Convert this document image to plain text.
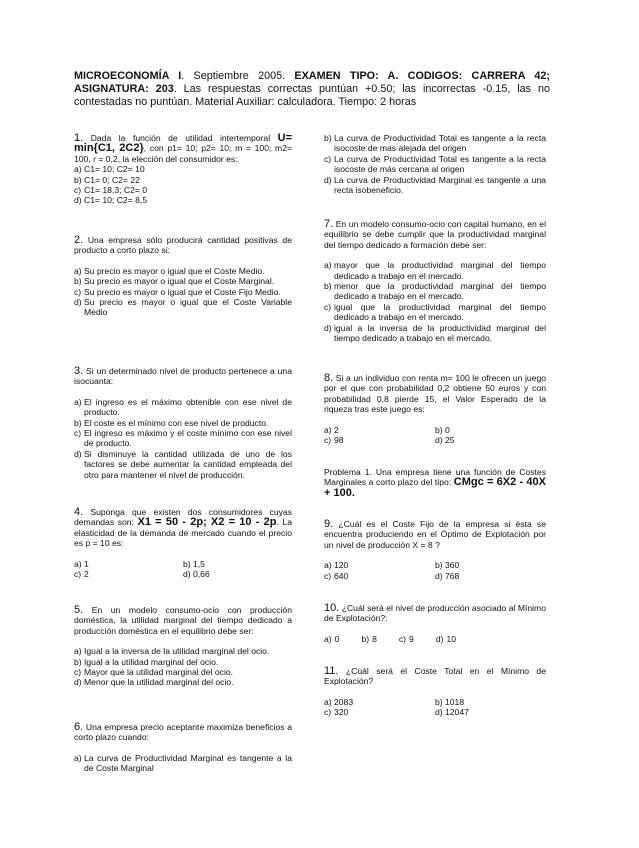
MICROECONOMÍA I. Septiembre 2005. EXAMEN TIPO: A. CODIGOS: CARRERA 42; ASIGNATURA: 203. Las respuestas correctas puntúan +0.50; las incorrectas -0.15, las no contestadas no puntúan. Material Auxiliar: calculadora. Tiempo: 2 horas
1. Dada la función de utilidad intertemporal U= min{C1, 2C2}, con p1= 10; p2= 10; m = 100; m2= 100, r = 0,2, la elección del consumidor es:
a) C1= 10; C2= 10
b) C1= 0; C2= 22
c) C1= 18,3; C2= 0
d) C1= 10; C2= 8,5
2. Una empresa sólo producirá cantidad positivas de producto a corto plazo si:
a) Su precio es mayor o igual que el Coste Medio.
b) Su precio es mayor o igual que el Coste Marginal.
c) Su precio es mayor o igual que el Coste Fijo Medio.
d) Su precio es mayor o igual que el Coste Variable Medio
3. Si un determinado nivel de producto pertenece a una isocuanta:
a) El ingreso es el máximo obtenible con ese nivel de producto.
b) El coste es el mínimo con ese nivel de producto.
c) El ingreso es máximo y el coste mínimo con ese nivel de producto.
d) Si disminuye la cantidad utilizada de uno de los factores se debe aumentar la cantidad empleada del otro para mantener el nivel de producción.
4. Suponga que existen dos consumidores cuyas demandas son: X1 = 50 - 2p; X2 = 10 - 2p. La elasticidad de la demanda de mercado cuando el precio es p = 10 es:
a) 1	b) 1,5
c) 2	d) 0,66
5. En un modelo consumo-ocio con producción doméstica, la utilidad marginal del tiempo dedicado a producción doméstica en el equilibrio debe ser:
a) Igual a la inversa de la utilidad marginal del ocio.
b) Igual a la utilidad marginal del ocio.
c) Mayor que la utilidad marginal del ocio.
d) Menor que la utilidad marginal del ocio.
6. Una empresa precio aceptante maximiza beneficios a corto plazo cuando:
a) La curva de Productividad Marginal es tangente a la de Coste Marginal
b) La curva de Productividad Total es tangente a la recta isocoste de mas alejada del origen
c) La curva de Productividad Total es tangente a la recta isocoste de más cercana al origen
d) La curva de Productividad Marginal es tangente a una recta isobeneficio.
7. En un modelo consumo-ocio con capital humano, en el equilibrio se debe cumplir que la productividad marginal del tiempo dedicado a formación debe ser:
a) mayor que la productividad marginal del tiempo dedicado a trabajo en el mercado.
b) menor que la productividad marginal del tiempo dedicado a trabajo en el mercado.
c) igual que la productividad marginal del tiempo dedicado a trabajo en el mercado.
d) igual a la inversa de la productividad marginal del tiempo dedicado a trabajo en el mercado.
8. Si a un individuo con renta m= 100 le ofrecen un juego por el que con probabilidad 0,2 obtiene 50 euros y con probabilidad 0,8 pierde 15, el Valor Esperado de la riqueza tras este juego es:
a) 2	b) 0
c) 98	d) 25
Problema 1. Una empresa tiene una función de Costes Marginales a corto plazo del tipo: CMgc = 6X2 - 40X + 100.
9. ¿Cuál es el Coste Fijo de la empresa si ésta se encuentra produciendo en el Óptimo de Explotación por un nivel de producción X = 8 ?
a) 120	b) 360
c) 640	d) 768
10. ¿Cuál será el nivel de producción asociado al Mínimo de Explotación?:
a) 0	b) 8	c) 9	d) 10
11. ¿Cuál será el Coste Total en el Mínimo de Explotación?
a) 2083	b) 1018
c) 320	d) 12047
